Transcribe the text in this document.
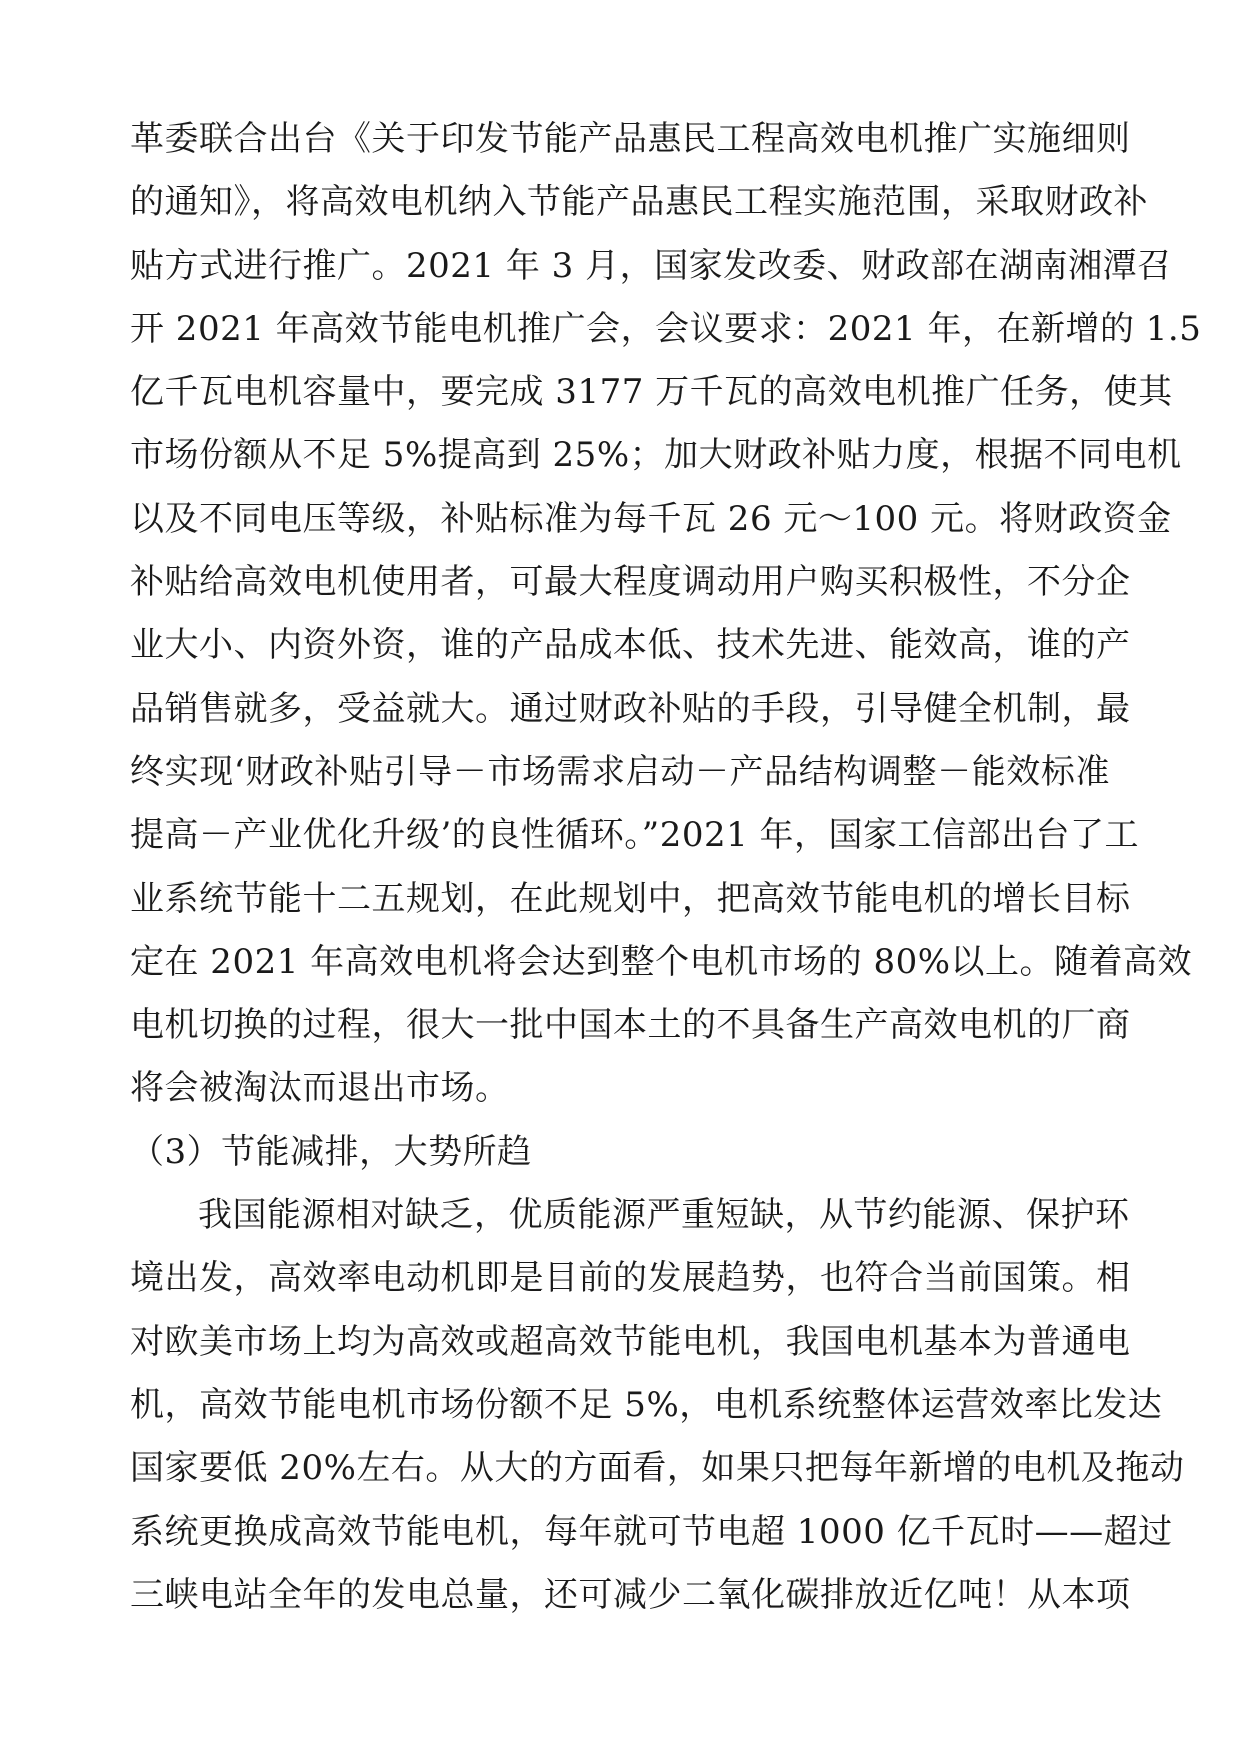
革委联合出台《关于印发节能产品惠民工程高效电机推广实施细则
的通知》，将高效电机纳入节能产品惠民工程实施范围，采取财政补
贴方式进行推广。2021 年 3 月，国家发改委、财政部在湖南湘潭召
开 2021 年高效节能电机推广会，会议要求：2021 年，在新增的 1.5
亿千瓦电机容量中，要完成 3177 万千瓦的高效电机推广任务，使其
市场份额从不足 5%提高到 25%；加大财政补贴力度，根据不同电机
以及不同电压等级，补贴标准为每千瓦 26 元～100 元。将财政资金
补贴给高效电机使用者，可最大程度调动用户购买积极性，不分企
业大小、内资外资，谁的产品成本低、技术先进、能效高，谁的产
品销售就多，受益就大。通过财政补贴的手段，引导健全机制，最
终实现‘财政补贴引导－市场需求启动－产品结构调整－能效标准
提高－产业优化升级’的良性循环。”2021 年，国家工信部出台了工
业系统节能十二五规划，在此规划中，把高效节能电机的增长目标
定在 2021 年高效电机将会达到整个电机市场的 80%以上。随着高效
电机切换的过程，很大一批中国本土的不具备生产高效电机的厂商
将会被淘汰而退出市场。
（3）节能减排，大势所趋
我国能源相对缺乏，优质能源严重短缺，从节约能源、保护环
境出发，高效率电动机即是目前的发展趋势，也符合当前国策。相
对欧美市场上均为高效或超高效节能电机，我国电机基本为普通电
机，高效节能电机市场份额不足 5%，电机系统整体运营效率比发达
国家要低 20%左右。从大的方面看，如果只把每年新增的电机及拖动
系统更换成高效节能电机，每年就可节电超 1000 亿千瓦时——超过
三峡电站全年的发电总量，还可减少二氧化碳排放近亿吨！从本项
